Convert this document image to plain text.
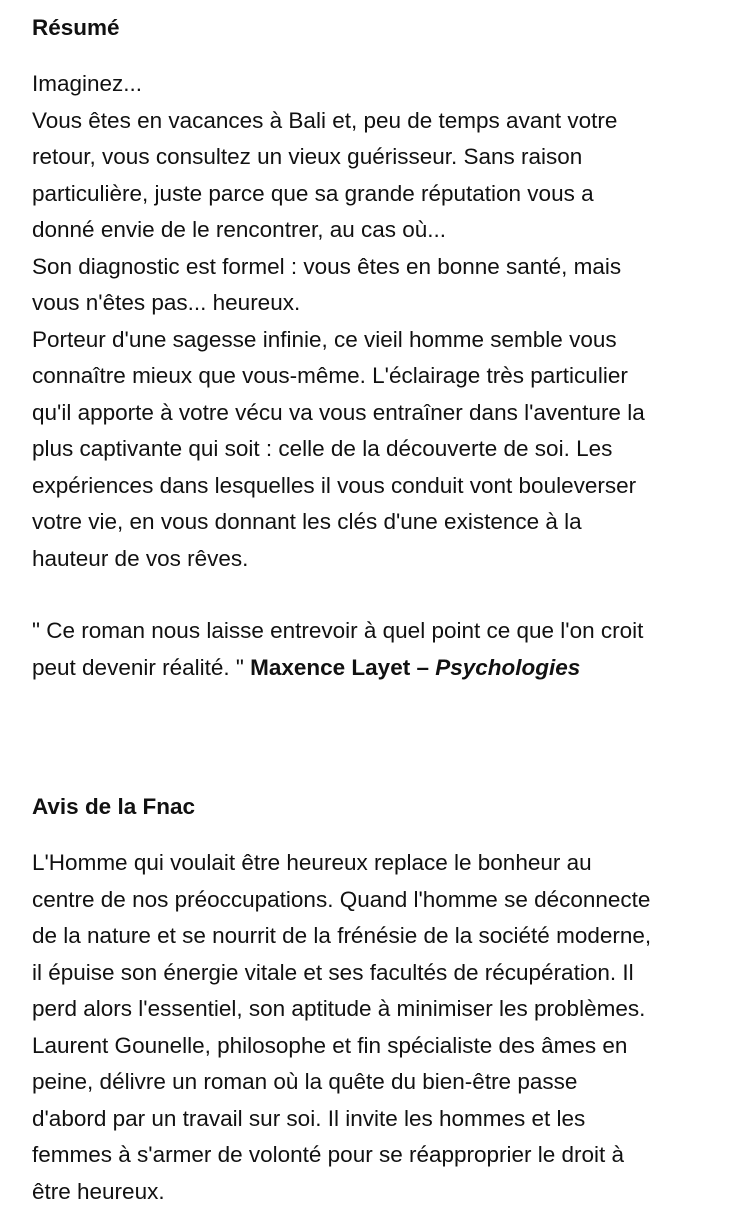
Résumé

Imaginez...
Vous êtes en vacances à Bali et, peu de temps avant votre
retour, vous consultez un vieux guérisseur. Sans raison
particulière, juste parce que sa grande réputation vous a
donné envie de le rencontrer, au cas où...
Son diagnostic est formel : vous êtes en bonne santé, mais
vous n'êtes pas... heureux.
Porteur d'une sagesse infinie, ce vieil homme semble vous
connaître mieux que vous-même. L'éclairage très particulier
qu'il apporte à votre vécu va vous entraîner dans l'aventure la
plus captivante qui soit : celle de la découverte de soi. Les
expériences dans lesquelles il vous conduit vont bouleverser
votre vie, en vous donnant les clés d'une existence à la
hauteur de vos rêves.

" Ce roman nous laisse entrevoir à quel point ce que l'on croit
peut devenir réalité. " Maxence Layet – Psychologies

Avis de la Fnac

L'Homme qui voulait être heureux replace le bonheur au
centre de nos préoccupations. Quand l'homme se déconnecte
de la nature et se nourrit de la frénésie de la société moderne,
il épuise son énergie vitale et ses facultés de récupération. Il
perd alors l'essentiel, son aptitude à minimiser les problèmes.
Laurent Gounelle, philosophe et fin spécialiste des âmes en
peine, délivre un roman où la quête du bien-être passe
d'abord par un travail sur soi. Il invite les hommes et les
femmes à s'armer de volonté pour se réapproprier le droit à
être heureux.
